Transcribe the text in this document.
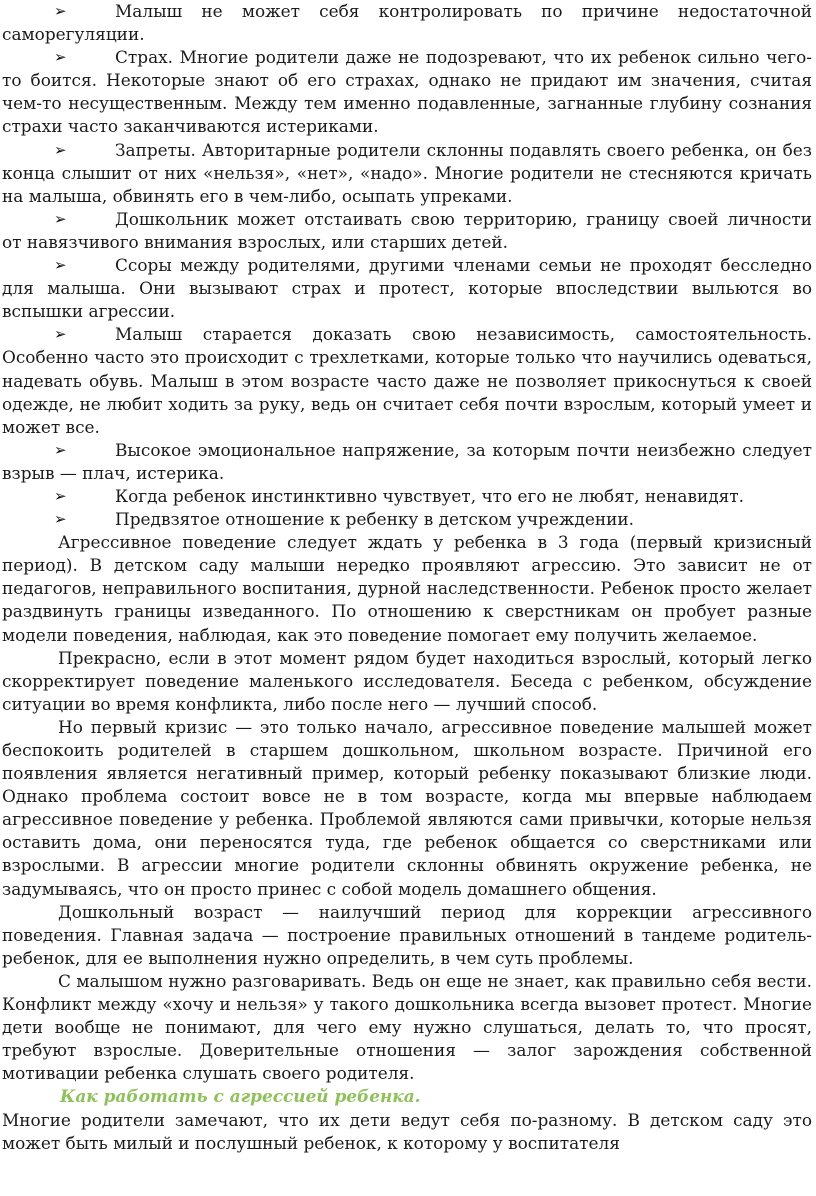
➢	Малыш не может себя контролировать по причине недостаточной саморегуляции.

➢	Страх. Многие родители даже не подозревают, что их ребенок сильно чего-то боится. Некоторые знают об его страхах, однако не придают им значения, считая чем-то несущественным. Между тем именно подавленные, загнанные глубину сознания страхи часто заканчиваются истериками.

➢	Запреты. Авторитарные родители склонны подавлять своего ребенка, он без конца слышит от них «нельзя», «нет», «надо». Многие родители не стесняются кричать на малыша, обвинять его в чем-либо, осыпать упреками.

➢	Дошкольник может отстаивать свою территорию, границу своей личности от навязчивого внимания взрослых, или старших детей.

➢	Ссоры между родителями, другими членами семьи не проходят бесследно для малыша. Они вызывают страх и протест, которые впоследствии выльются во вспышки агрессии.

➢	Малыш старается доказать свою независимость, самостоятельность. Особенно часто это происходит с трехлетками, которые только что научились одеваться, надевать обувь. Малыш в этом возрасте часто даже не позволяет прикоснуться к своей одежде, не любит ходить за руку, ведь он считает себя почти взрослым, который умеет и может все.

➢	Высокое эмоциональное напряжение, за которым почти неизбежно следует взрыв — плач, истерика.

➢	Когда ребенок инстинктивно чувствует, что его не любят, ненавидят.

➢	Предвзятое отношение к ребенку в детском учреждении.

Агрессивное поведение следует ждать у ребенка в 3 года (первый кризисный период). В детском саду малыши нередко проявляют агрессию. Это зависит не от педагогов, неправильного воспитания, дурной наследственности. Ребенок просто желает раздвинуть границы изведанного. По отношению к сверстникам он пробует разные модели поведения, наблюдая, как это поведение помогает ему получить желаемое.

Прекрасно, если в этот момент рядом будет находиться взрослый, который легко скорректирует поведение маленького исследователя. Беседа с ребенком, обсуждение ситуации во время конфликта, либо после него — лучший способ.

Но первый кризис — это только начало, агрессивное поведение малышей может беспокоить родителей в старшем дошкольном, школьном возрасте. Причиной его появления является негативный пример, который ребенку показывают близкие люди. Однако проблема состоит вовсе не в том возрасте, когда мы впервые наблюдаем агрессивное поведение у ребенка. Проблемой являются сами привычки, которые нельзя оставить дома, они переносятся туда, где ребенок общается со сверстниками или взрослыми. В агрессии многие родители склонны обвинять окружение ребенка, не задумываясь, что он просто принес с собой модель домашнего общения.

Дошкольный возраст — наилучший период для коррекции агрессивного поведения. Главная задача — построение правильных отношений в тандеме родитель-ребенок, для ее выполнения нужно определить, в чем суть проблемы.

С малышом нужно разговаривать. Ведь он еще не знает, как правильно себя вести. Конфликт между «хочу и нельзя» у такого дошкольника всегда вызовет протест. Многие дети вообще не понимают, для чего ему нужно слушаться, делать то, что просят, требуют взрослые. Доверительные отношения — залог зарождения собственной мотивации ребенка слушать своего родителя.

Как работать с агрессией ребенка.

Многие родители замечают, что их дети ведут себя по-разному. В детском саду это может быть милый и послушный ребенок, к которому у воспитателя
